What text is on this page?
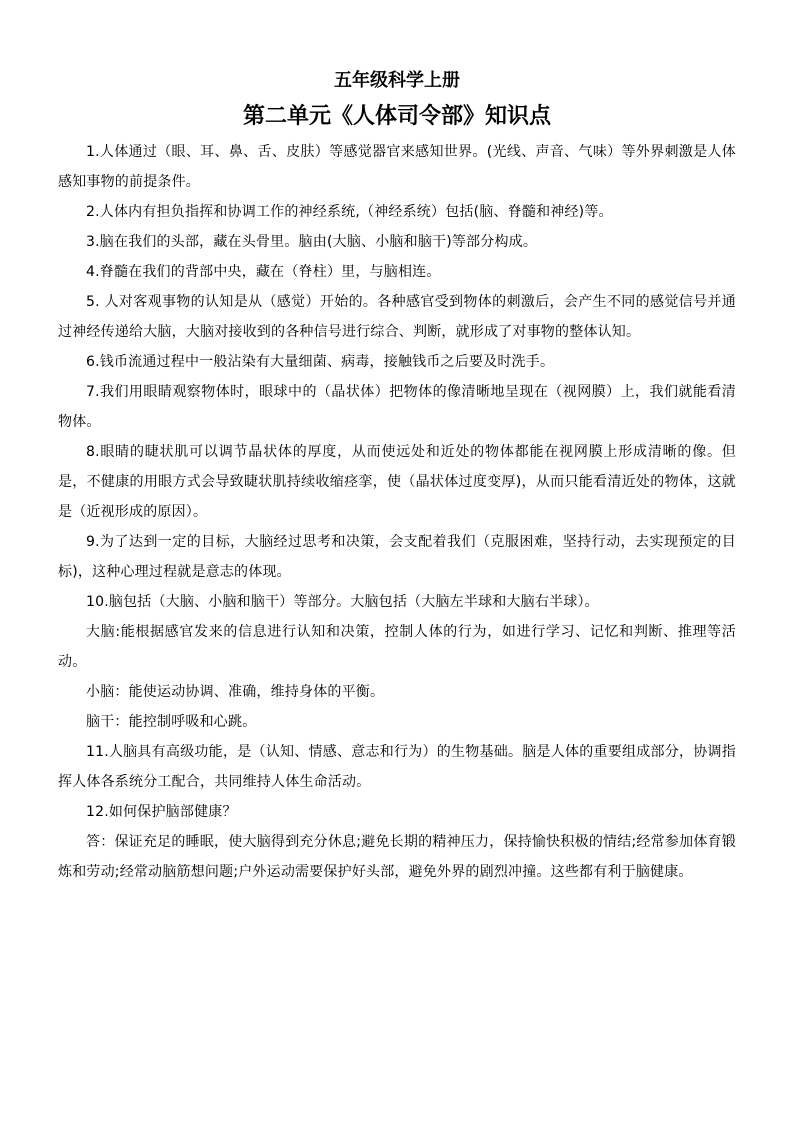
五年级科学上册
第二单元《人体司令部》知识点

1.人体通过（眼、耳、鼻、舌、皮肤）等感觉器官来感知世界。(光线、声音、气味）等外界刺激是人体感知事物的前提条件。

2.人体内有担负指挥和协调工作的神经系统,（神经系统）包括(脑、脊髓和神经)等。

3.脑在我们的头部，藏在头骨里。脑由(大脑、小脑和脑干)等部分构成。

4.脊髓在我们的背部中央，藏在（脊柱）里，与脑相连。

5. 人对客观事物的认知是从（感觉）开始的。各种感官受到物体的刺激后，会产生不同的感觉信号并通过神经传递给大脑，大脑对接收到的各种信号进行综合、判断，就形成了对事物的整体认知。

6.钱币流通过程中一般沾染有大量细菌、病毒，接触钱币之后要及时洗手。

7.我们用眼睛观察物体时，眼球中的（晶状体）把物体的像清晰地呈现在（视网膜）上，我们就能看清物体。

8.眼睛的睫状肌可以调节晶状体的厚度，从而使远处和近处的物体都能在视网膜上形成清晰的像。但是，不健康的用眼方式会导致睫状肌持续收缩痉挛，使（晶状体过度变厚)，从而只能看清近处的物体，这就是（近视形成的原因）。

9.为了达到一定的目标，大脑经过思考和决策，会支配着我们（克服困难，坚持行动，去实现预定的目标)，这种心理过程就是意志的体现。

10.脑包括（大脑、小脑和脑干）等部分。大脑包括（大脑左半球和大脑右半球）。

大脑:能根据感官发来的信息进行认知和决策，控制人体的行为，如进行学习、记忆和判断、推理等活动。

小脑：能使运动协调、准确，维持身体的平衡。

脑干：能控制呼吸和心跳。

11.人脑具有高级功能，是（认知、情感、意志和行为）的生物基础。脑是人体的重要组成部分，协调指挥人体各系统分工配合，共同维持人体生命活动。

12.如何保护脑部健康？

答：保证充足的睡眠，使大脑得到充分休息;避免长期的精神压力，保持愉快积极的情结;经常参加体育锻炼和劳动;经常动脑筋想问题;户外运动需要保护好头部，避免外界的剧烈冲撞。这些都有利于脑健康。
